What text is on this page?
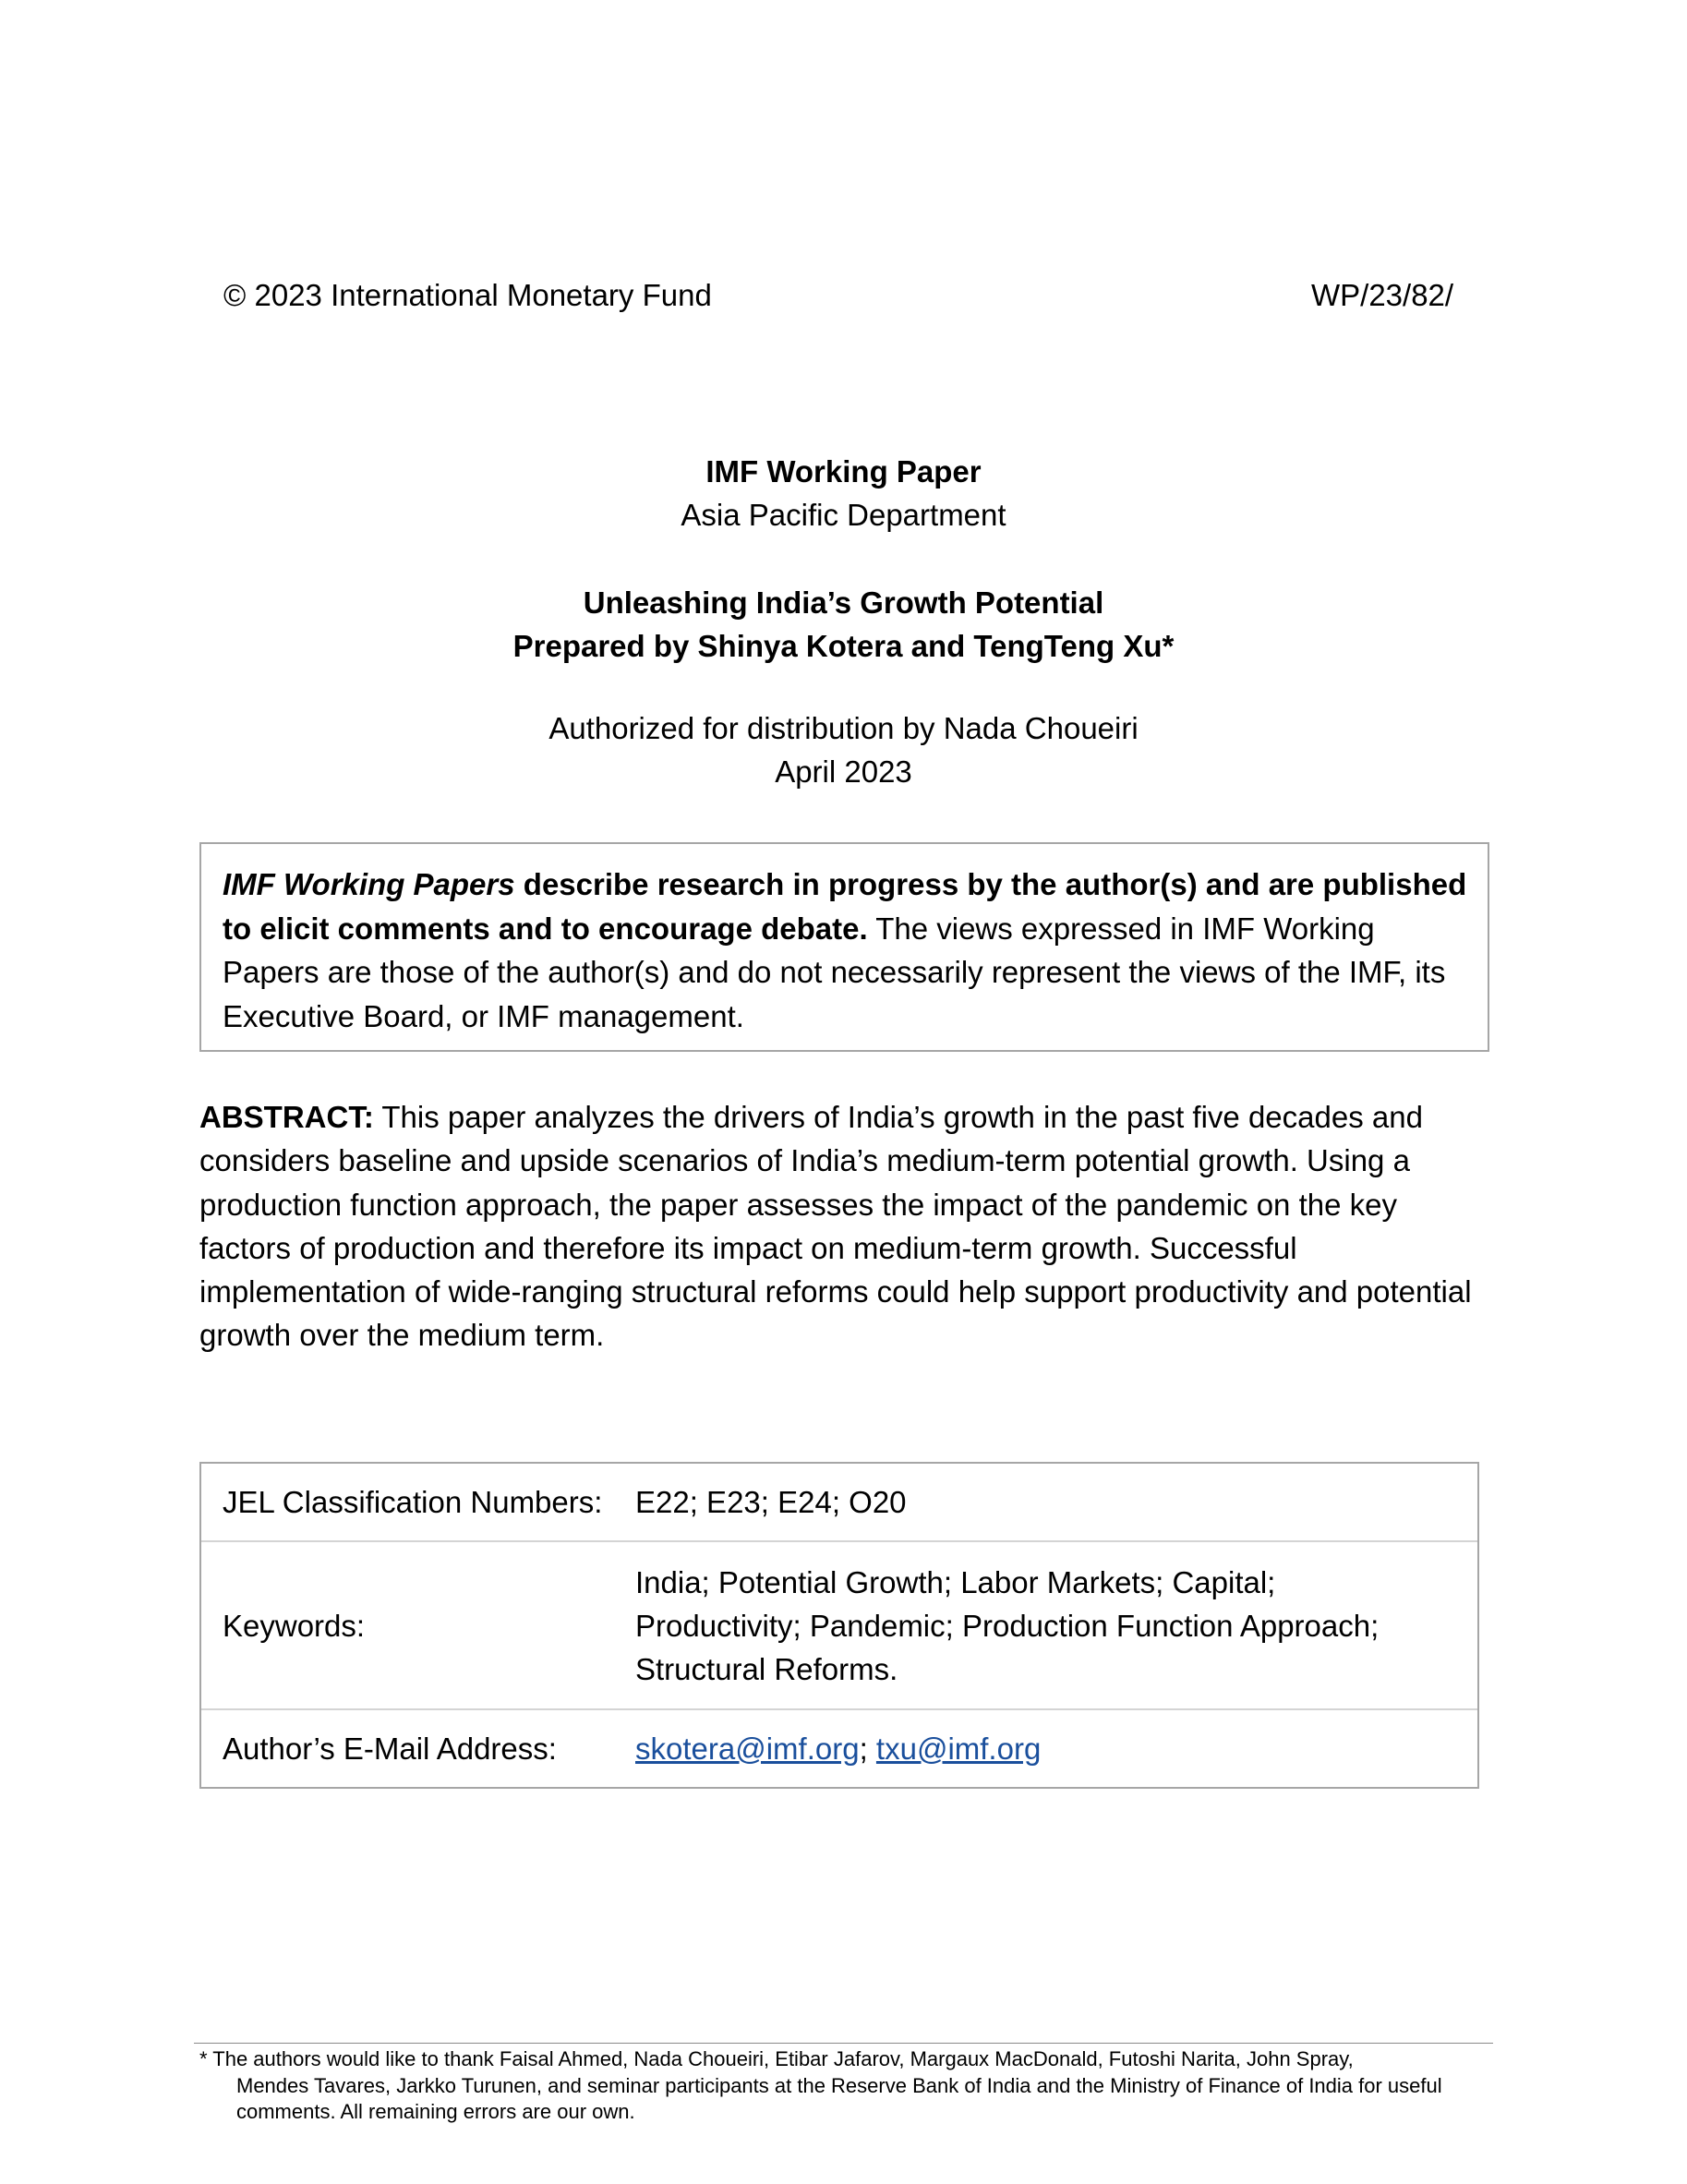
© 2023 International Monetary Fund	WP/23/82/
IMF Working Paper
Asia Pacific Department
Unleashing India’s Growth Potential
Prepared by Shinya Kotera and TengTeng Xu*
Authorized for distribution by Nada Choueiri
April 2023
IMF Working Papers describe research in progress by the author(s) and are published to elicit comments and to encourage debate. The views expressed in IMF Working Papers are those of the author(s) and do not necessarily represent the views of the IMF, its Executive Board, or IMF management.
ABSTRACT: This paper analyzes the drivers of India’s growth in the past five decades and considers baseline and upside scenarios of India’s medium-term potential growth. Using a production function approach, the paper assesses the impact of the pandemic on the key factors of production and therefore its impact on medium-term growth. Successful implementation of wide-ranging structural reforms could help support productivity and potential growth over the medium term.
JEL Classification Numbers:	E22; E23; E24; O20
Keywords:
India; Potential Growth; Labor Markets; Capital; Productivity; Pandemic; Production Function Approach; Structural Reforms.
Author’s E-Mail Address:	skotera@imf.org; txu@imf.org
* The authors would like to thank Faisal Ahmed, Nada Choueiri, Etibar Jafarov, Margaux MacDonald, Futoshi Narita, John Spray,
Mendes Tavares, Jarkko Turunen, and seminar participants at the Reserve Bank of India and the Ministry of Finance of India for useful comments. All remaining errors are our own.
